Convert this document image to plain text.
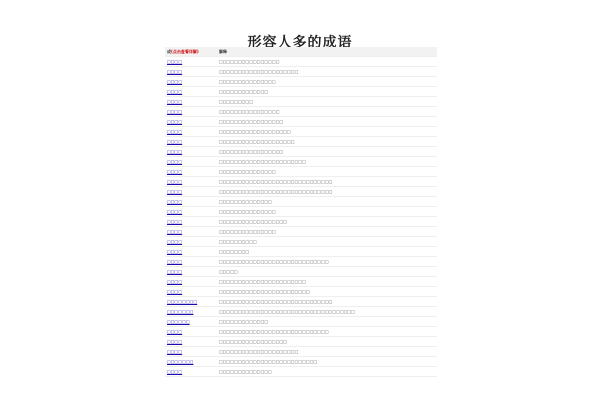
形容人多的成语
成(点击查看详解)	解释
□□□□	□□□□□□□□□□□□□□□□
□□□□	□□□□□□□□□□□□□□□□□□□□□
□□□□	□□□□□□□□□□□□□□□
□□□□	□□□□□□□□□□□□□
□□□□	□□□□□□□□□
□□□□	□□□□□□□□□□□□□□□□
□□□□	□□□□□□□□□□□□□□□□□
□□□□	□□□□□□□□□□□□□□□□□□□
□□□□	□□□□□□□□□□□□□□□□□□□□
□□□□	□□□□□□□□□□□□□□□□□
□□□□	□□□□□□□□□□□□□□□□□□□□□□□
□□□□	□□□□□□□□□□□□□□□
□□□□	□□□□□□□□□□□□□□□□□□□□□□□□□□□□□□
□□□□	□□□□□□□□□□□□□□□□□□□□□□□□□□□□□□
□□□□	□□□□□□□□□□□□□□
□□□□	□□□□□□□□□□□□□□□
□□□□	□□□□□□□□□□□□□□□□□□
□□□□	□□□□□□□□□□□□□□□
□□□□	□□□□□□□□□□
□□□□	□□□□□□□□
□□□□	□□□□□□□□□□□□□□□□□□□□□□□□□□□□□
□□□□	□□□□□
□□□□	□□□□□□□□□□□□□□□□□□□□□□□
□□□□	□□□□□□□□□□□□□□□□□□□□□□□□
□□□□□□□□	□□□□□□□□□□□□□□□□□□□□□□□□□□□□□□
□□□□□□□	□□□□□□□□□□□□□□□□□□□□□□□□□□□□□□□□□□□□
□□□□□□	□□□□□□□□□□□□□
□□□□	□□□□□□□□□□□□□□□□□□□□□□□□□□□□□
□□□□	□□□□□□□□□□□□□□□□□□
□□□□	□□□□□□□□□□□□□□□□□□□□□
□□□□□□□	□□□□□□□□□□□□□□□□□□□□□□□□□□
□□□□	□□□□□□□□□□□□□□
